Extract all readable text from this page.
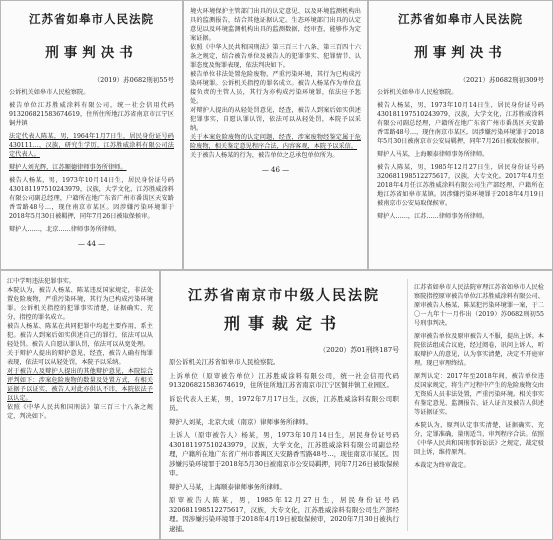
江苏省如皋市人民法院
刑事判决书
（2019）苏0682刑初55号

公诉机关如皋市人民检察院。

被告单位江苏胜威涂料有限公司，统一社会信用代码913206821583674619，住所住所地江苏省南京市江宁区铜井镇

法定代表人陈某，男，1964年1月7日生，居民身份证号码430111…，汉族，研究生学历，江苏胜威涂料有限公司法定代表人。

辩护人刘光辉，江苏顺德律师事务所律师。

被告人杨某，男，1973年10月14日生，居民身份证号码430181197510243979，汉族，大学文化，江苏胜威涂料有限公司副总经理，户籍所在地广东省广州市番禺区天安路香雪路48号…，现住南京市某区。因涉嫌污染环境罪于2018年5月30日被羁押，同年7月26日被取保候审。

辩护人……，北京……律师事务所律师。

— 44 —

境火环境保护主管部门出具的认定意见、以及环境监测机构出具的监测报告，结合其他证据认定。生态环境部门出具的认定意见以及环境监测机构出具的监测数据，经审查，能够作为定案证据。

依照《中华人民共和国刑法》第三百三十八条、第三百四十六条之规定，结合被告单位及被告人的犯罪事实、犯罪情节、认罪态度及悔罪表现，依法判决如下。

被告单位非法处置危险废物，严重污染环境，其行为已构成污染环境罪。公诉机关指控的罪名成立。被告人杨某作为单位直接负责的主管人员，其行为亦构成污染环境罪，依法应予惩处。

对辩护人提出的从轻处罚意见，经查，被告人到案后如实供述犯罪事实，自愿认罪认罚，依法可以从轻处罚，本院予以采纳。

关于本案危险废物的认定问题，经查，涉案废物经鉴定属于危险废物，相关鉴定意见程序合法，内容客观，本院予以采信。

关于被告人杨某的行为，被告单位之总承包单位所为。

— 46 —
江苏省如皋市人民法院
刑事判决书
（2021）苏0682刑初309号

公诉机关如皋市人民检察院。

被告人杨某，男，1973年10月14日生，居民身份证号码430181197510243979，汉族，大学文化，江苏胜威涂料有限公司副总经理，户籍所在地广东省广州市番禺区天安路香雪路48号…，现住南京市某区。因涉嫌污染环境罪于2018年5月30日被南京市公安局羁押，同年7月26日被取保候审。

辩护人马某，上海顺泰律师事务所律师。

被告人陈某，男，1985年12月27日生，居民身份证号码320681198512275617，汉族，大专文化。2017年4月至2018年4月任江苏胜威涂料有限公司生产部经理，户籍所在地江苏省如皋市某镇。因涉嫌污染环境罪于2018年4月19日被南京市公安局取保候审。

辩护人……，江苏……律师事务所律师。

江中学明违法犯罪事实。

本院认为，被告人杨某、陈某违反国家规定，非法处置危险废物，严重污染环境，其行为已构成污染环境罪。公诉机关指控的犯罪事实清楚，证据确实、充分，指控的罪名成立。

被告人杨某、陈某在共同犯罪中均起主要作用，系主犯。被告人到案后如实供述自己的罪行，依法可以从轻处罚。被告人自愿认罪认罚，依法可以从宽处理。

关于辩护人提出的辩护意见，经查，被告人确有悔罪表现，依法可以从轻处罚，本院予以采纳。

对于被告人及辩护人提出的其他辩护意见，本院综合评判如下：涉案危险废物的数量及处置方式，有相关证据予以证实，被告人对此亦供认不讳，本院依法予以认定。

依照《中华人民共和国刑法》第三百三十八条之规定，判决如下。

江苏省南京市中级人民法院
刑事裁定书
（2020）苏01刑终187号

原公诉机关江苏省如皋市人民检察院。

上诉单位（原审被告单位）江苏胜威涂料有限公司，统一社会信用代码913206821583674619，住所住所地江苏省南京市江宁区铜井镇工业园区。

诉讼代表人王某，男，1972年7月17日生，汉族，江苏胜威涂料有限公司职员。

辩护人刘某，北京大成（南京）律师事务所律师。

上诉人（原审被告人）杨某，男，1973年10月14日生，居民身份证号码430181197510243979，汉族，大学文化，江苏胜威涂料有限公司副总经理，户籍所在地广东省广州市番禺区天安路香雪路48号…，现住南京市某区。因涉嫌污染环境罪于2018年5月30日被南京市公安局羁押，同年7月26日被取保候审。

辩护人马某，上海顺泰律师事务所律师。

原审被告人陈某，男，1985年12月27日生，居民身份证号码320681198512275617，汉族，大专文化，江苏胜威涂料有限公司生产部经理。因涉嫌污染环境罪于2018年4月19日被取保候审，2020年7月30日被执行逮捕。

江苏省如皋市人民法院审理江苏省如皋市人民检察院指控原审被告单位江苏胜威涂料有限公司、原审被告人杨某、陈某犯污染环境罪一案，于二〇一九年十一月作出（2019）苏0682刑初55号刑事判决。

原审被告单位及原审被告人不服，提出上诉。本院依法组成合议庭，经过阅卷，讯问上诉人，听取辩护人的意见，认为事实清楚，决定不开庭审理。现已审理终结。

原判认定：2017年至2018年间，被告单位违反国家规定，将生产过程中产生的危险废物交由无资质人员非法处置，严重污染环境。相关事实有鉴定意见、监测报告、证人证言及被告人供述等证据证实。

本院认为，原判认定事实清楚，证据确实、充分，定罪准确，量刑适当，审判程序合法。依照《中华人民共和国刑事诉讼法》之规定，裁定驳回上诉，维持原判。

本裁定为终审裁定。
